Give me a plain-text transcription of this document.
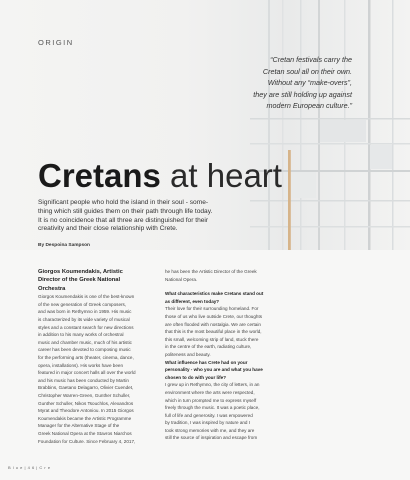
ORIGIN
“Cretan festivals carry the
Cretan soul all on their own.
Without any “make-overs”,
they are still holding up against
modern European culture.”
Cretans at heart
Significant people who hold the island in their soul - some-
thing which still guides them on their path through life today.
It is no coincidence that all three are distinguished for their
creativity and their close relationship with Crete.
By Despoina Sampson
Giorgos Koumendakis, Artistic
Director of the Greek National
Orchestra
Giorgos Koumendakis is one of the best-known
of the new generation of Greek composers,
and was born in Rethymno in 1959. His music
is characterized by its wide variety of musical
styles and a constant search for new directions
in addition to his many works of orchestral
music and chamber music, much of his artistic
career has been devoted to composing music
for the performing arts (theater, cinema, dance,
opera, installations). His works have been
featured in major concert halls all over the world
and his music has been conducted by Martin
Brabbins, Gaetano Delagarro, Olivier Cuendet,
Christopher Warren-Green, Gunther Schuller,
Gunther Schuller, Nikos Tsouchlos, Alexandros
Myrat and Theodore Antoniou. In 2015 Giorgos
Koumendakis became the Artistic Programme
Manager for the Alternative Stage of the
Greek National Opera at the Stavros Niarchos
Foundation for Culture. Since February 4, 2017,
he has been the Artistic Director of the Greek
National Opera.
What characteristics make Cretans stand out
as different, even today?
Their love for their surrounding homeland. For
those of us who live outside Crete, our thoughts
are often flooded with nostalgia. We are certain
that this is the most beautiful place in the world,
this small, welcoming strip of land, stuck there
in the centre of the earth, radiating culture,
politeness and beauty.
What influence has Crete had on your
personality - who you are and what you have
chosen to do with your life?
I grew up in Rethymno, the city of letters, in an
environment where the arts were respected,
which in turn prompted me to express myself
freely through the music. It was a poetic place,
full of life and generosity. I was empowered
by tradition, I was inspired by nature and I
took strong memories with me, and they are
still the source of inspiration and escape from
B l u e | 4 6 | C r e
